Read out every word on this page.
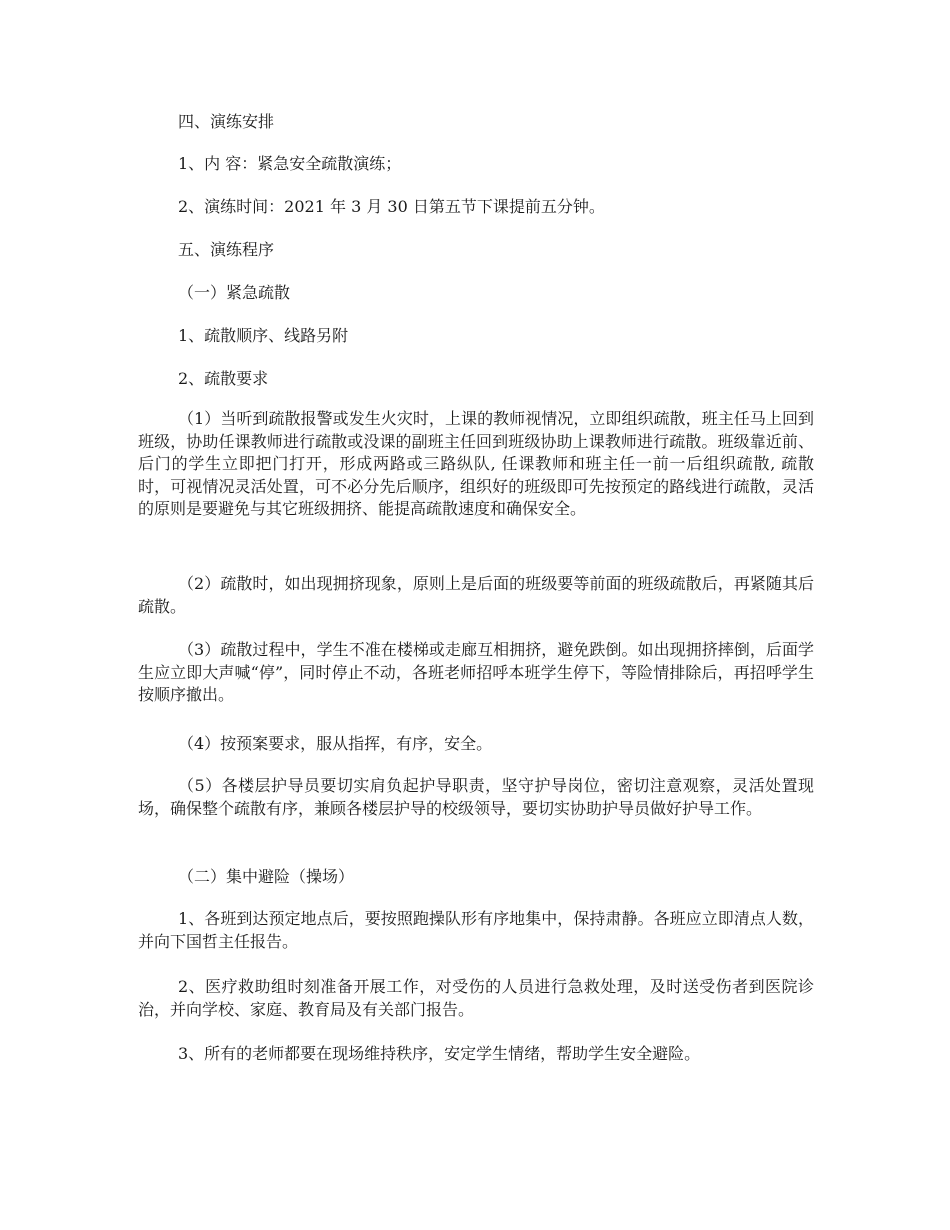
四、演练安排

1、内 容：紧急安全疏散演练；

2、演练时间：2021 年 3 月 30 日第五节下课提前五分钟。

五、演练程序

（一）紧急疏散

1、疏散顺序、线路另附

2、疏散要求

（1）当听到疏散报警或发生火灾时，上课的教师视情况，立即组织疏散，班主任马上回到班级，协助任课教师进行疏散或没课的副班主任回到班级协助上课教师进行疏散。班级靠近前、后门的学生立即把门打开，形成两路或三路纵队, 任课教师和班主任一前一后组织疏散, 疏散时，可视情况灵活处置，可不必分先后顺序，组织好的班级即可先按预定的路线进行疏散，灵活的原则是要避免与其它班级拥挤、能提高疏散速度和确保安全。

（2）疏散时，如出现拥挤现象，原则上是后面的班级要等前面的班级疏散后，再紧随其后疏散。

（3）疏散过程中，学生不准在楼梯或走廊互相拥挤，避免跌倒。如出现拥挤摔倒，后面学生应立即大声喊“停”，同时停止不动，各班老师招呼本班学生停下，等险情排除后，再招呼学生按顺序撤出。

（4）按预案要求，服从指挥，有序，安全。

（5）各楼层护导员要切实肩负起护导职责，坚守护导岗位，密切注意观察，灵活处置现场，确保整个疏散有序，兼顾各楼层护导的校级领导，要切实协助护导员做好护导工作。

（二）集中避险（操场）

1、各班到达预定地点后，要按照跑操队形有序地集中，保持肃静。各班应立即清点人数，并向下国哲主任报告。

2、医疗救助组时刻准备开展工作，对受伤的人员进行急救处理，及时送受伤者到医院诊治，并向学校、家庭、教育局及有关部门报告。

3、所有的老师都要在现场维持秩序，安定学生情绪，帮助学生安全避险。
